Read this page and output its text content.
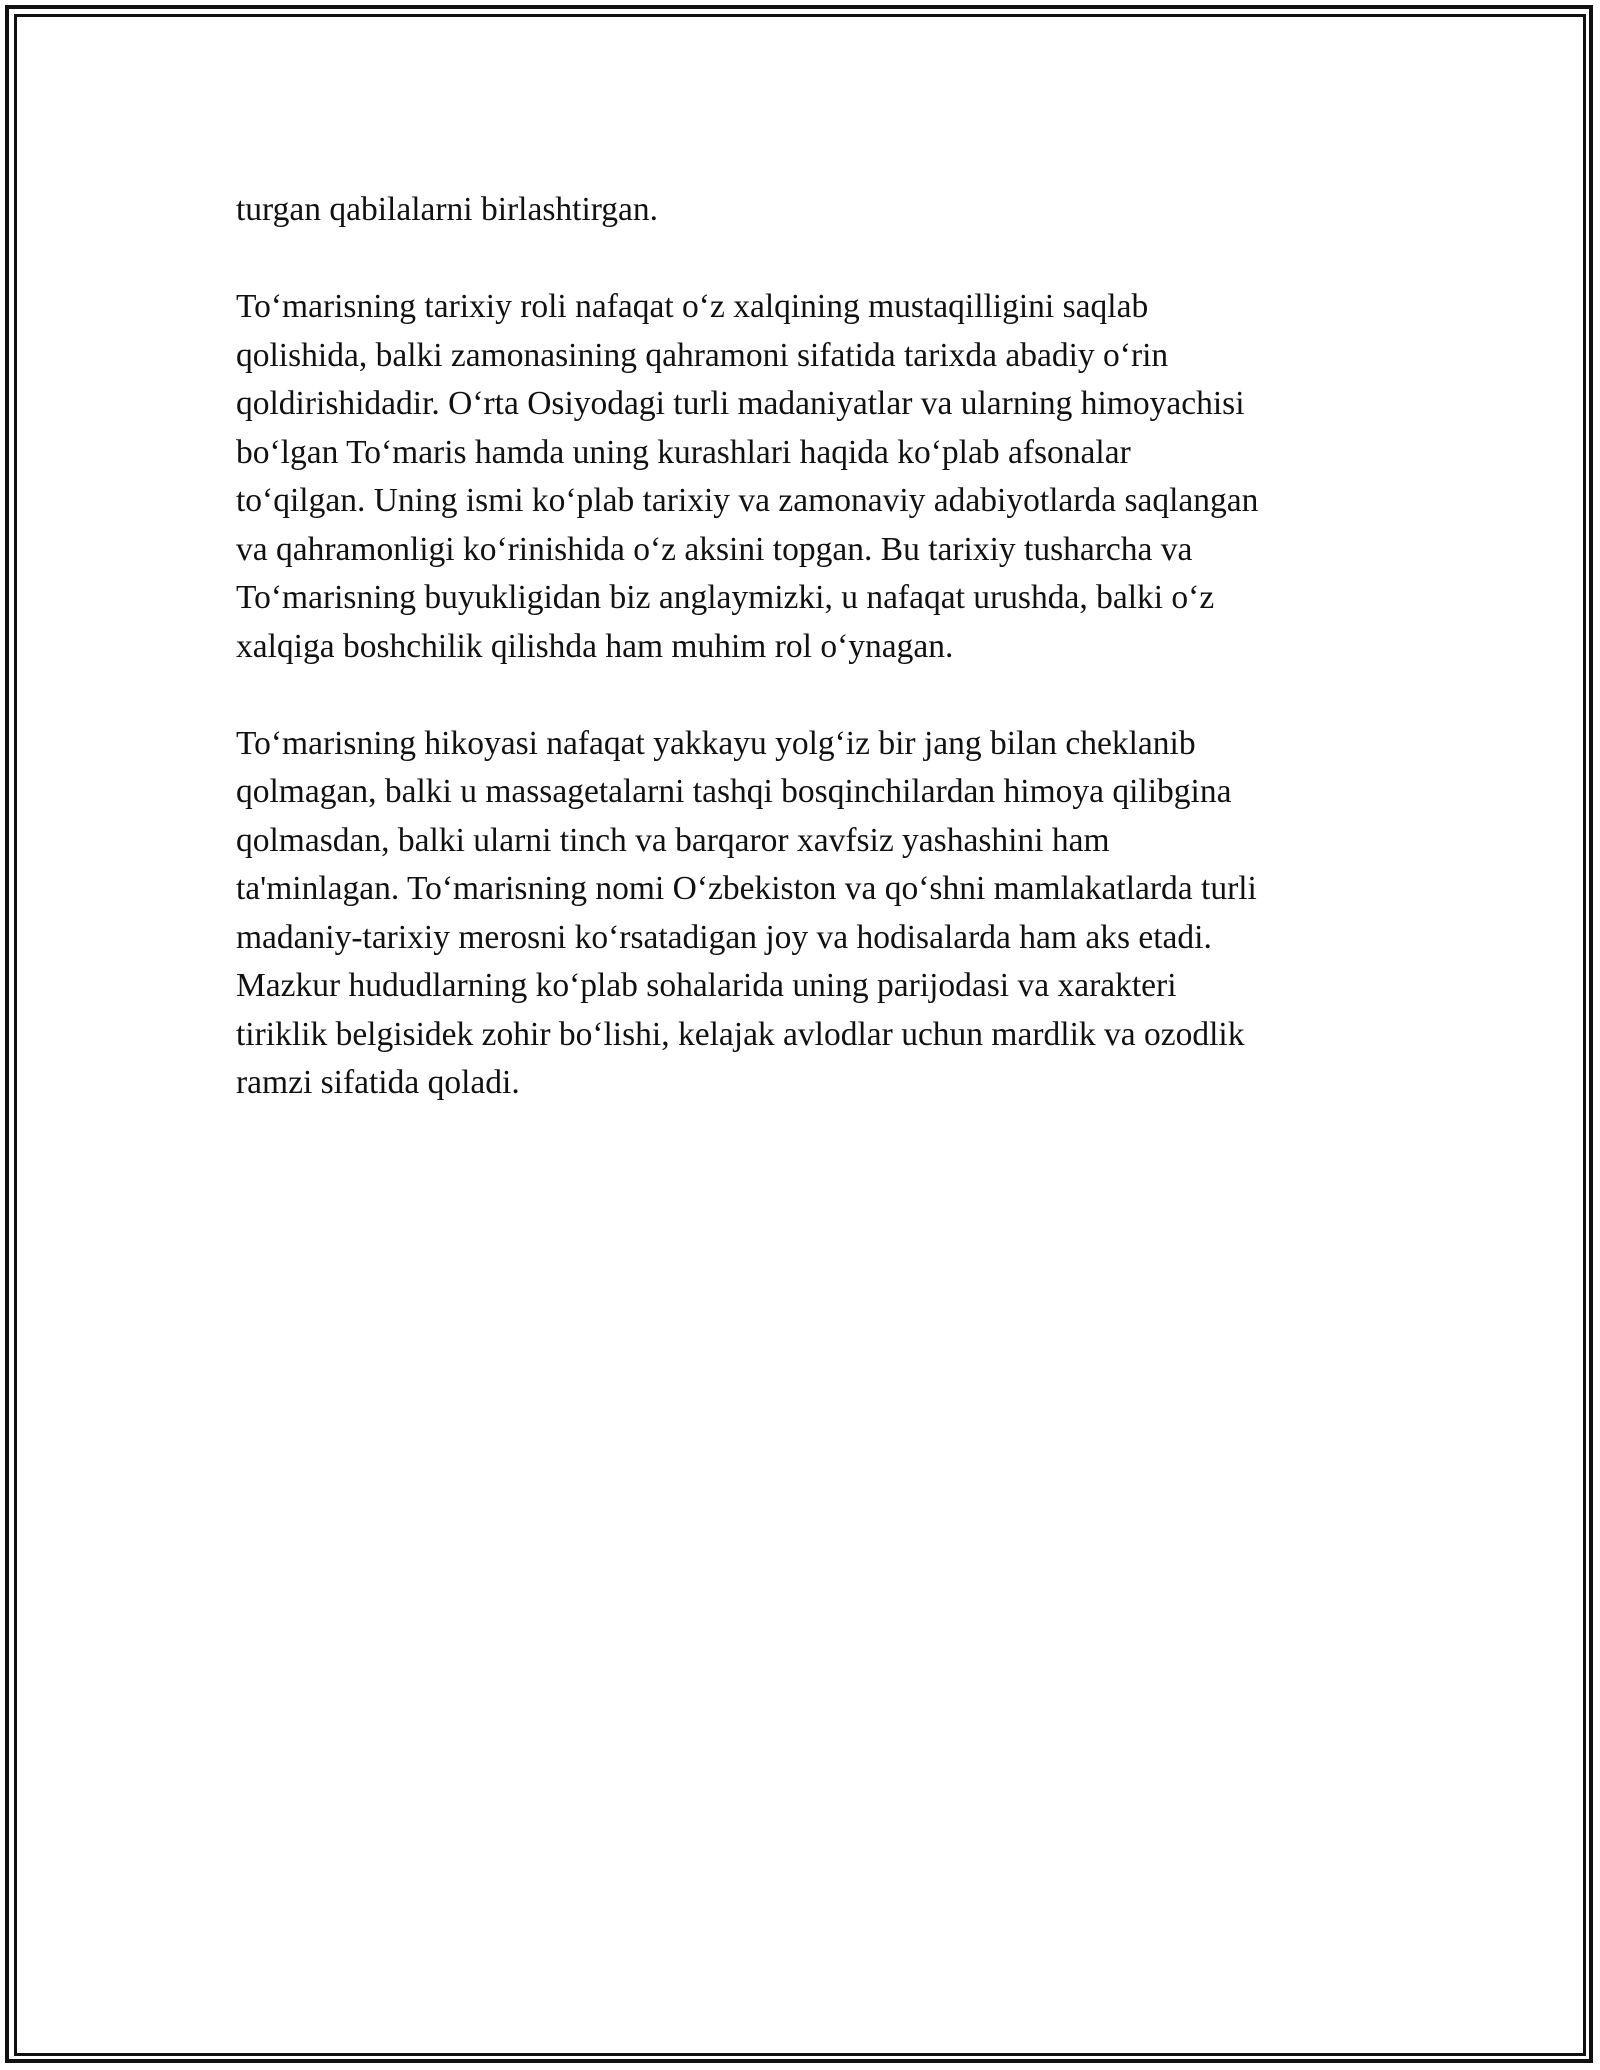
turgan qabilalarni birlashtirgan.

To‘marisning tarixiy roli nafaqat o‘z xalqining mustaqilligini saqlab
qolishida, balki zamonasining qahramoni sifatida tarixda abadiy o‘rin
qoldirishidadir. O‘rta Osiyodagi turli madaniyatlar va ularning himoyachisi
bo‘lgan To‘maris hamda uning kurashlari haqida ko‘plab afsonalar
to‘qilgan. Uning ismi ko‘plab tarixiy va zamonaviy adabiyotlarda saqlangan
va qahramonligi ko‘rinishida o‘z aksini topgan. Bu tarixiy tusharcha va
To‘marisning buyukligidan biz anglaymizki, u nafaqat urushda, balki o‘z
xalqiga boshchilik qilishda ham muhim rol o‘ynagan.

To‘marisning hikoyasi nafaqat yakkayu yolg‘iz bir jang bilan cheklanib
qolmagan, balki u massagetalarni tashqi bosqinchilardan himoya qilibgina
qolmasdan, balki ularni tinch va barqaror xavfsiz yashashini ham
ta'minlagan. To‘marisning nomi O‘zbekiston va qo‘shni mamlakatlarda turli
madaniy-tarixiy merosni ko‘rsatadigan joy va hodisalarda ham aks etadi.
Mazkur hududlarning ko‘plab sohalarida uning parijodasi va xarakteri
tiriklik belgisidek zohir bo‘lishi, kelajak avlodlar uchun mardlik va ozodlik
ramzi sifatida qoladi.
